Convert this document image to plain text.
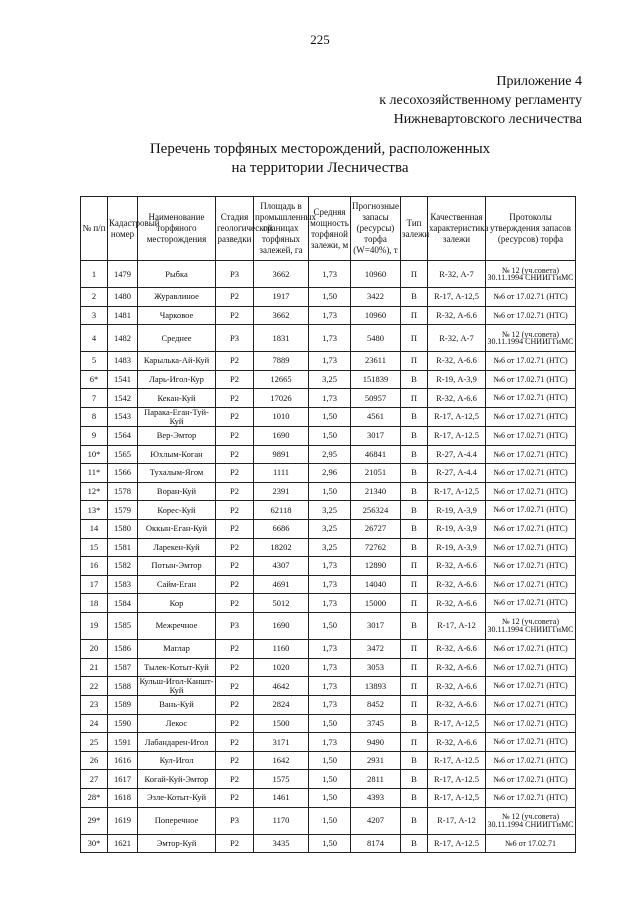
225
Приложение 4
к лесохозяйственному регламенту
Нижневартовского лесничества
Перечень торфяных месторождений, расположенных
на территории Лесничества
№ п/п	Кадастровый номер	Наименование торфяного месторождения	Стадия геологической разведки	Площадь в промышленных границах торфяных залежей, га	Средняя мощность торфяной залежи, м	Прогнозные запасы (ресурсы) торфа (W=40%), т	Тип залежи	Качественная характеристика залежи	Протоколы утверждения запасов (ресурсов) торфа
1	1479	Рыбка	Р3	3662	1,73	10960	П	R-32, А-7	№ 12 (уч.совета) 30.11.1994 СНИИГГиМС
2	1480	Журавлиное	Р2	1917	1,50	3422	В	R-17, А-12,5	№6 от 17.02.71 (НТС)
3	1481	Чарковое	Р2	3662	1,73	10960	П	R-32, А-6.6	№6 от 17.02.71 (НТС)
4	1482	Среднее	Р3	1831	1,73	5480	П	R-32, А-7	№ 12 (уч.совета) 30.11.1994 СНИИГГиМС
5	1483	Карылька-Ай-Куй	Р2	7889	1,73	23611	П	R-32, А-6.6	№6 от 17.02.71 (НТС)
6*	1541	Ларь-Игол-Кур	Р2	12665	3,25	151839	В	R-19, А-3,9	№6 от 17.02.71 (НТС)
7	1542	Кекан-Куй	Р2	17026	1,73	50957	П	R-32, А-6.6	№6 от 17.02.71 (НТС)
8	1543	Парака-Еган-Туй-Куй	Р2	1010	1,50	4561	В	R-17, А-12,5	№6 от 17.02.71 (НТС)
9	1564	Вер-Эмтор	Р2	1690	1,50	3017	В	R-17, А-12.5	№6 от 17.02.71 (НТС)
10*	1565	Юхлым-Коган	Р2	9891	2,95	46841	В	R-27, А-4.4	№6 от 17.02.71 (НТС)
11*	1566	Тухалым-Ягом	Р2	1111	2,96	21051	В	R-27, А-4.4	№6 от 17.02.71 (НТС)
12*	1578	Воран-Куй	Р2	2391	1,50	21340	В	R-17, А-12,5	№6 от 17.02.71 (НТС)
13*	1579	Корес-Куй	Р2	62118	3,25	256324	В	R-19, А-3,9	№6 от 17.02.71 (НТС)
14	1580	Оккын-Еган-Куй	Р2	6686	3,25	26727	В	R-19, А-3,9	№6 от 17.02.71 (НТС)
15	1581	Ларекен-Куй	Р2	18202	3,25	72762	В	R-19, А-3,9	№6 от 17.02.71 (НТС)
16	1582	Потын-Эмтор	Р2	4307	1,73	12890	П	R-32, А-6.6	№6 от 17.02.71 (НТС)
17	1583	Сайм-Еган	Р2	4691	1,73	14040	П	R-32, А-6.6	№6 от 17.02.71 (НТС)
18	1584	Кор	Р2	5012	1,73	15000	П	R-32, А-6.6	№6 от 17.02.71 (НТС)
19	1585	Межречное	Р3	1690	1,50	3017	В	R-17, А-12	№ 12 (уч.совета) 30.11.1994 СНИИГГиМС
20	1586	Маглар	Р2	1160	1,73	3472	П	R-32, А-6.6	№6 от 17.02.71 (НТС)
21	1587	Тылек-Котыт-Куй	Р2	1020	1,73	3053	П	R-32, А-6.6	№6 от 17.02.71 (НТС)
22	1588	Кульш-Игол-Каншт-Куй	Р2	4642	1,73	13893	П	R-32, А-6.6	№6 от 17.02.71 (НТС)
23	1589	Вань-Куй	Р2	2824	1,73	8452	П	R-32, А-6.6	№6 от 17.02.71 (НТС)
24	1590	Лекос	Р2	1500	1,50	3745	В	R-17, А-12,5	№6 от 17.02.71 (НТС)
25	1591	Лабандарен-Игол	Р2	3171	1,73	9490	П	R-32, А-6.6	№6 от 17.02.71 (НТС)
26	1616	Кул-Игол	Р2	1642	1,50	2931	В	R-17, А-12.5	№6 от 17.02.71 (НТС)
27	1617	Когай-Куй-Эмтор	Р2	1575	1,50	2811	В	R-17, А-12.5	№6 от 17.02.71 (НТС)
28*	1618	Эзле-Котыт-Куй	Р2	1461	1,50	4393	В	R-17, А-12,5	№6 от 17.02.71 (НТС)
29*	1619	Поперечное	Р3	1170	1,50	4207	В	R-17, А-12	№ 12 (уч.совета) 30.11.1994 СНИИГГиМС
30*	1621	Эмтор-Куй	Р2	3435	1,50	8174	В	R-17, А-12.5	№6 от 17.02.71
